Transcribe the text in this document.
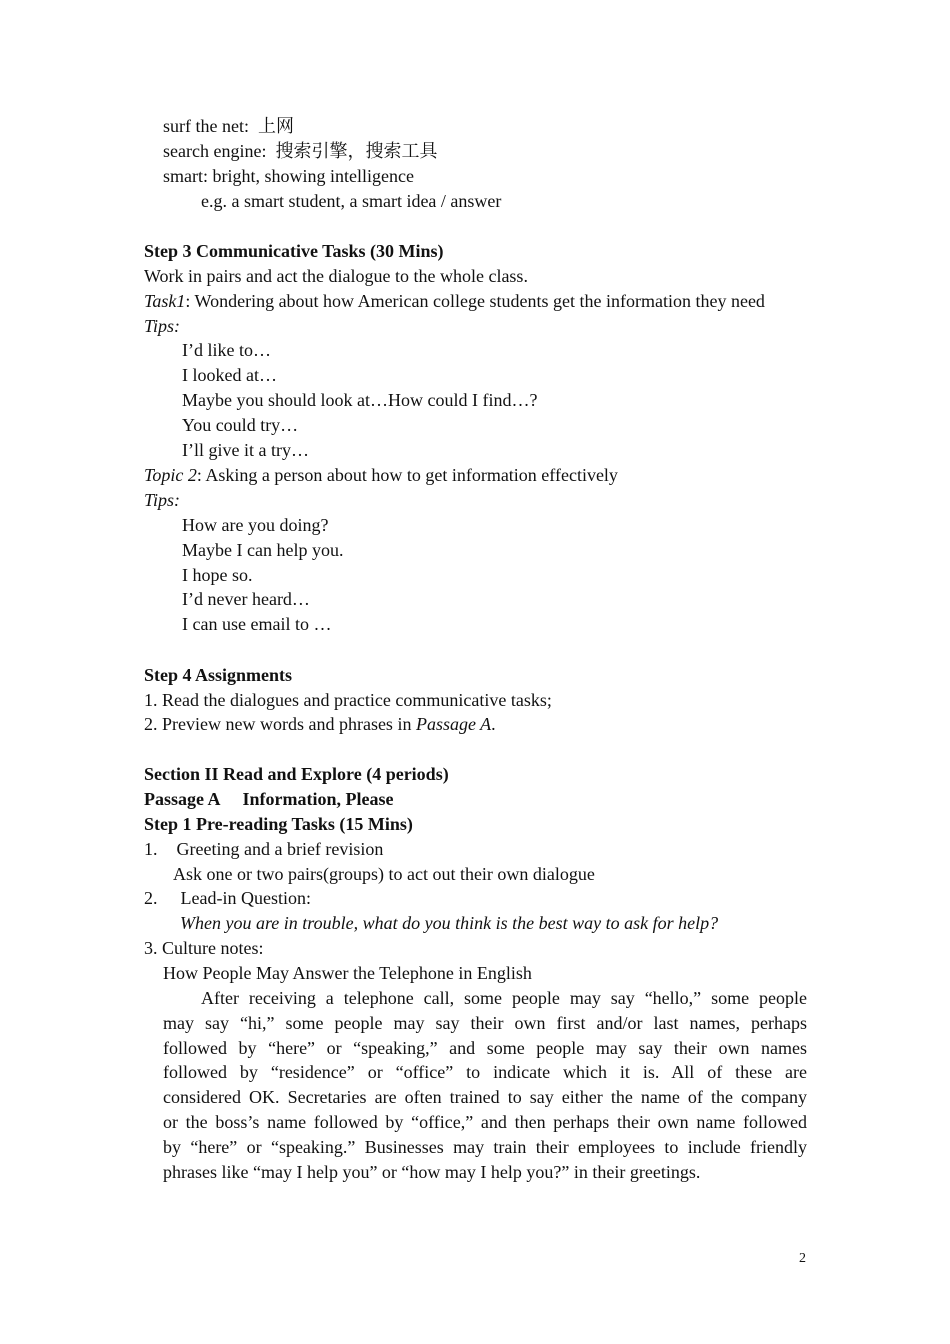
surf the net: 上网
search engine: 搜索引擎，搜索工具
smart: bright, showing intelligence
e.g. a smart student, a smart idea / answer
Step 3 Communicative Tasks (30 Mins)
Work in pairs and act the dialogue to the whole class.
Task1: Wondering about how American college students get the information they need
Tips:
I’d like to…
I looked at…
Maybe you should look at…How could I find…?
You could try…
I’ll give it a try…
Topic 2: Asking a person about how to get information effectively
Tips:
How are you doing?
Maybe I can help you.
I hope so.
I’d never heard…
I can use email to …
Step 4 Assignments
1. Read the dialogues and practice communicative tasks;
2. Preview new words and phrases in Passage A.
Section II Read and Explore (4 periods)
Passage A Information, Please
Step 1 Pre-reading Tasks (15 Mins)
1. Greeting and a brief revision
Ask one or two pairs(groups) to act out their own dialogue
2. Lead-in Question:
When you are in trouble, what do you think is the best way to ask for help?
3. Culture notes:
How People May Answer the Telephone in English
After receiving a telephone call, some people may say “hello,” some people
may say “hi,” some people may say their own first and/or last names, perhaps
followed by “here” or “speaking,” and some people may say their own names
followed by “residence” or “office” to indicate which it is. All of these are
considered OK. Secretaries are often trained to say either the name of the company
or the boss’s name followed by “office,” and then perhaps their own name followed
by “here” or “speaking.” Businesses may train their employees to include friendly
phrases like “may I help you” or “how may I help you?” in their greetings.
2
